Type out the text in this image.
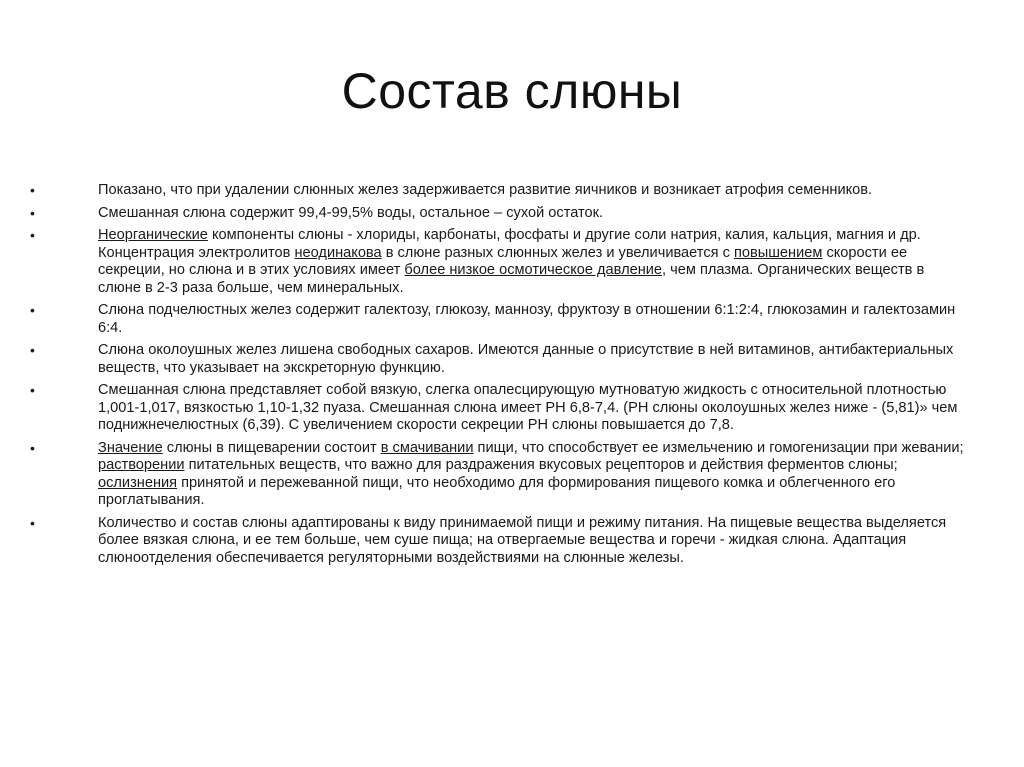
Состав слюны
•	Показано, что при удалении слюнных желез задерживается развитие яичников и возникает атрофия семенников.
•	Смешанная слюна содержит 99,4-99,5% воды, остальное – сухой остаток.
•	Неорганические компоненты слюны - хлориды, карбонаты, фосфаты и другие соли натрия, калия, кальция, магния и др. Концентрация электролитов неодинакова в слюне разных слюнных желез и увеличивается с повышением скорости ее секреции, но слюна и в этих условиях имеет более низкое осмотическое давление, чем плазма. Органических веществ в слюне в 2-3 раза больше, чем минеральных.
•	Слюна подчелюстных желез содержит галектозу, глюкозу, маннозу, фруктозу в отношении 6:1:2:4, глюкозамин и галектозамин 6:4.
•	Слюна околоушных желез лишена свободных сахаров. Имеются данные о присутствие в ней витаминов, антибактериальных веществ, что указывает на экскреторную функцию.
•	Смешанная слюна представляет собой вязкую, слегка опалесцирующую мутноватую жидкость с относительной плотностью 1,001-1,017, вязкостью 1,10-1,32 пуаза. Смешанная слюна имеет РН 6,8-7,4. (РН слюны околоушных желез ниже - (5,81)» чем поднижнечелюстных (6,39). С увеличением скорости секреции РН слюны повышается до 7,8.
•	Значение слюны в пищеварении состоит в смачивании пищи, что способствует ее измельчению и гомогенизации при жевании; растворении питательных веществ, что важно для раздражения вкусовых рецепторов и действия ферментов слюны; ослизнения принятой и пережеванной пищи, что необходимо для формирования пищевого комка и облегченного его проглатывания.
•	Количество и состав слюны адаптированы к виду принимаемой пищи и режиму питания. На пищевые вещества выделяется более вязкая слюна, и ее тем больше, чем суше пища; на отвергаемые вещества и горечи - жидкая слюна. Адаптация слюноотделения обеспечивается регуляторными воздействиями на слюнные железы.
